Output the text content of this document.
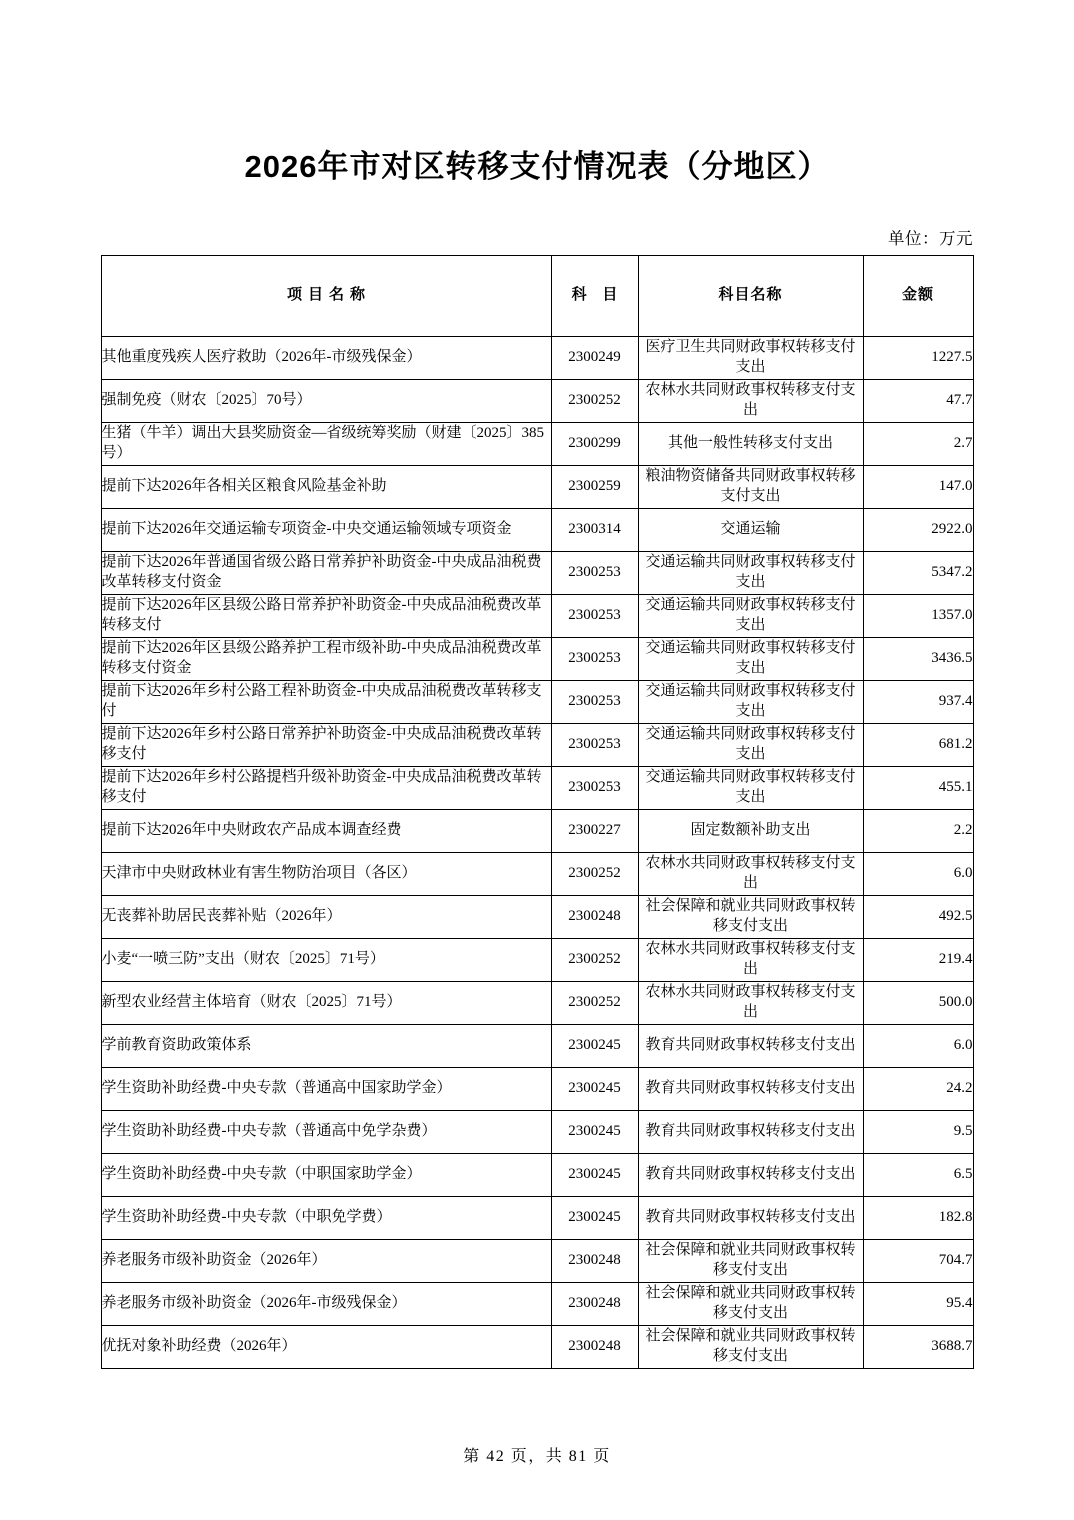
2026年市对区转移支付情况表（分地区）
单位：万元
项目名称	科 目	科目名称	金额
其他重度残疾人医疗救助（2026年-市级残保金）	2300249	医疗卫生共同财政事权转移支付支出	1227.5
强制免疫（财农〔2025〕70号）	2300252	农林水共同财政事权转移支付支出	47.7
生猪（牛羊）调出大县奖励资金—省级统筹奖励（财建〔2025〕385号）	2300299	其他一般性转移支付支出	2.7
提前下达2026年各相关区粮食风险基金补助	2300259	粮油物资储备共同财政事权转移支付支出	147.0
提前下达2026年交通运输专项资金-中央交通运输领域专项资金	2300314	交通运输	2922.0
提前下达2026年普通国省级公路日常养护补助资金-中央成品油税费改革转移支付资金	2300253	交通运输共同财政事权转移支付支出	5347.2
提前下达2026年区县级公路日常养护补助资金-中央成品油税费改革转移支付	2300253	交通运输共同财政事权转移支付支出	1357.0
提前下达2026年区县级公路养护工程市级补助-中央成品油税费改革转移支付资金	2300253	交通运输共同财政事权转移支付支出	3436.5
提前下达2026年乡村公路工程补助资金-中央成品油税费改革转移支付	2300253	交通运输共同财政事权转移支付支出	937.4
提前下达2026年乡村公路日常养护补助资金-中央成品油税费改革转移支付	2300253	交通运输共同财政事权转移支付支出	681.2
提前下达2026年乡村公路提档升级补助资金-中央成品油税费改革转移支付	2300253	交通运输共同财政事权转移支付支出	455.1
提前下达2026年中央财政农产品成本调查经费	2300227	固定数额补助支出	2.2
天津市中央财政林业有害生物防治项目（各区）	2300252	农林水共同财政事权转移支付支出	6.0
无丧葬补助居民丧葬补贴（2026年）	2300248	社会保障和就业共同财政事权转移支付支出	492.5
小麦“一喷三防”支出（财农〔2025〕71号）	2300252	农林水共同财政事权转移支付支出	219.4
新型农业经营主体培育（财农〔2025〕71号）	2300252	农林水共同财政事权转移支付支出	500.0
学前教育资助政策体系	2300245	教育共同财政事权转移支付支出	6.0
学生资助补助经费-中央专款（普通高中国家助学金）	2300245	教育共同财政事权转移支付支出	24.2
学生资助补助经费-中央专款（普通高中免学杂费）	2300245	教育共同财政事权转移支付支出	9.5
学生资助补助经费-中央专款（中职国家助学金）	2300245	教育共同财政事权转移支付支出	6.5
学生资助补助经费-中央专款（中职免学费）	2300245	教育共同财政事权转移支付支出	182.8
养老服务市级补助资金（2026年）	2300248	社会保障和就业共同财政事权转移支付支出	704.7
养老服务市级补助资金（2026年-市级残保金）	2300248	社会保障和就业共同财政事权转移支付支出	95.4
优抚对象补助经费（2026年）	2300248	社会保障和就业共同财政事权转移支付支出	3688.7
第 42 页，共 81 页
